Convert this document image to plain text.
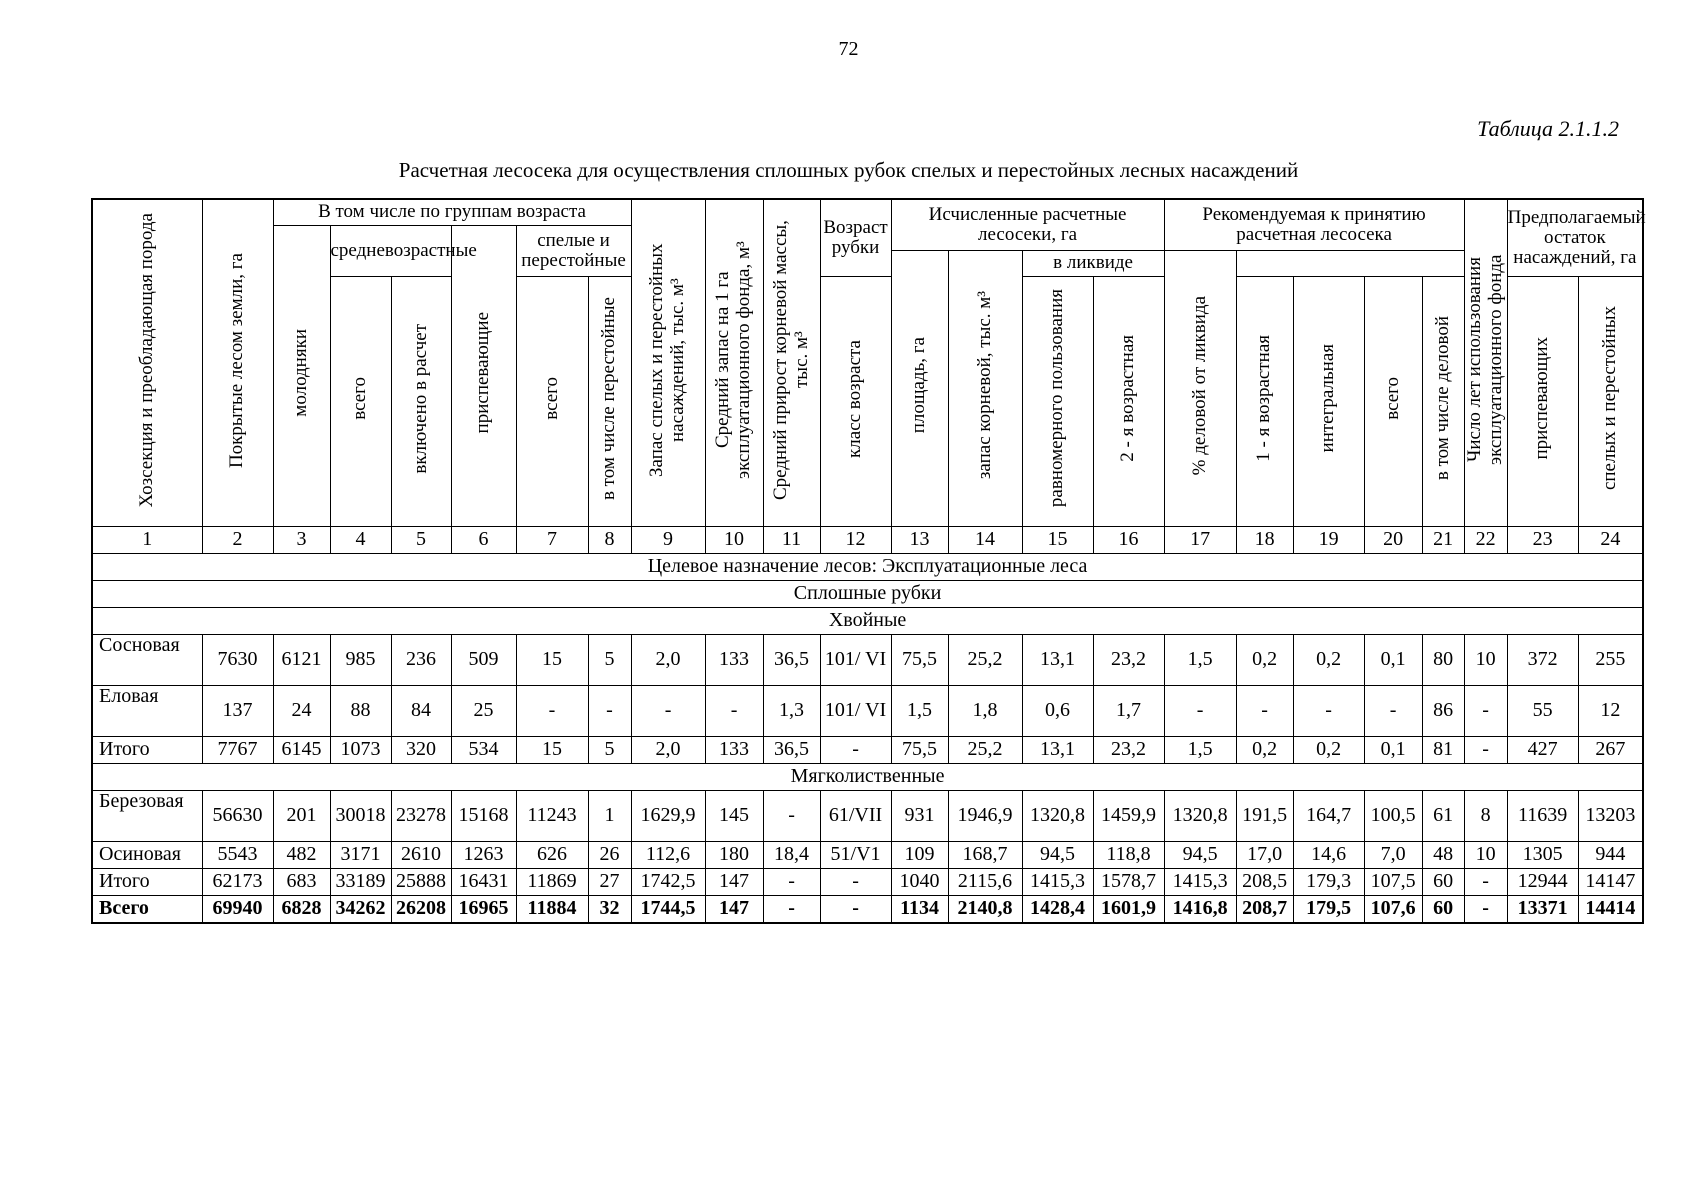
72
Таблица 2.1.1.2
Расчетная лесосека для осуществления сплошных рубок спелых и перестойных лесных насаждений
Хозсекция и преобладающая порода	Покрытые лесом земли, га	В том числе по группам возраста						Запас спелых и перестойных насаждений, тыс. м³	Средний запас на 1 га эксплуатационного фонда, м³	Средний прирост корневой массы, тыс. м³	Возраст рубки	Исчисленные расчетные лесосеки, га				Рекомендуемая к принятию расчетная лесосека					Число лет использования эксплуатационного фонда	Предполагаемый остаток насаждений, га	
		молодняки	средневозрастные		приспевающие	спелые и перестойные																	
												площадь, га	запас корневой, тыс. м³	в ликвиде		% деловой от ликвида							
			всего	включено в расчет		всего	в том числе перестойные				класс возраста			равномерного пользования	2 - я возрастная		1 - я возрастная	интегральная	всего	в том числе деловой		приспевающих	спелых и перестойных
1	2	3	4	5	6	7	8	9	10	11	12	13	14	15	16	17	18	19	20	21	22	23	24
Целевое назначение лесов: Эксплуатационные леса																							
Сплошные рубки																							
Хвойные																							
Сосновая	7630	6121	985	236	509	15	5	2,0	133	36,5	101/ VI	75,5	25,2	13,1	23,2	1,5	0,2	0,2	0,1	80	10	372	255
Еловая	137	24	88	84	25	-	-	-	-	1,3	101/ VI	1,5	1,8	0,6	1,7	-	-	-	-	86	-	55	12
Итого	7767	6145	1073	320	534	15	5	2,0	133	36,5	-	75,5	25,2	13,1	23,2	1,5	0,2	0,2	0,1	81	-	427	267
Мягколиственные																							
Березовая	56630	201	30018	23278	15168	11243	1	1629,9	145	-	61/VII	931	1946,9	1320,8	1459,9	1320,8	191,5	164,7	100,5	61	8	11639	13203
Осиновая	5543	482	3171	2610	1263	626	26	112,6	180	18,4	51/V1	109	168,7	94,5	118,8	94,5	17,0	14,6	7,0	48	10	1305	944
Итого	62173	683	33189	25888	16431	11869	27	1742,5	147	-	-	1040	2115,6	1415,3	1578,7	1415,3	208,5	179,3	107,5	60	-	12944	14147
Всего	69940	6828	34262	26208	16965	11884	32	1744,5	147	-	-	1134	2140,8	1428,4	1601,9	1416,8	208,7	179,5	107,6	60	-	13371	14414
